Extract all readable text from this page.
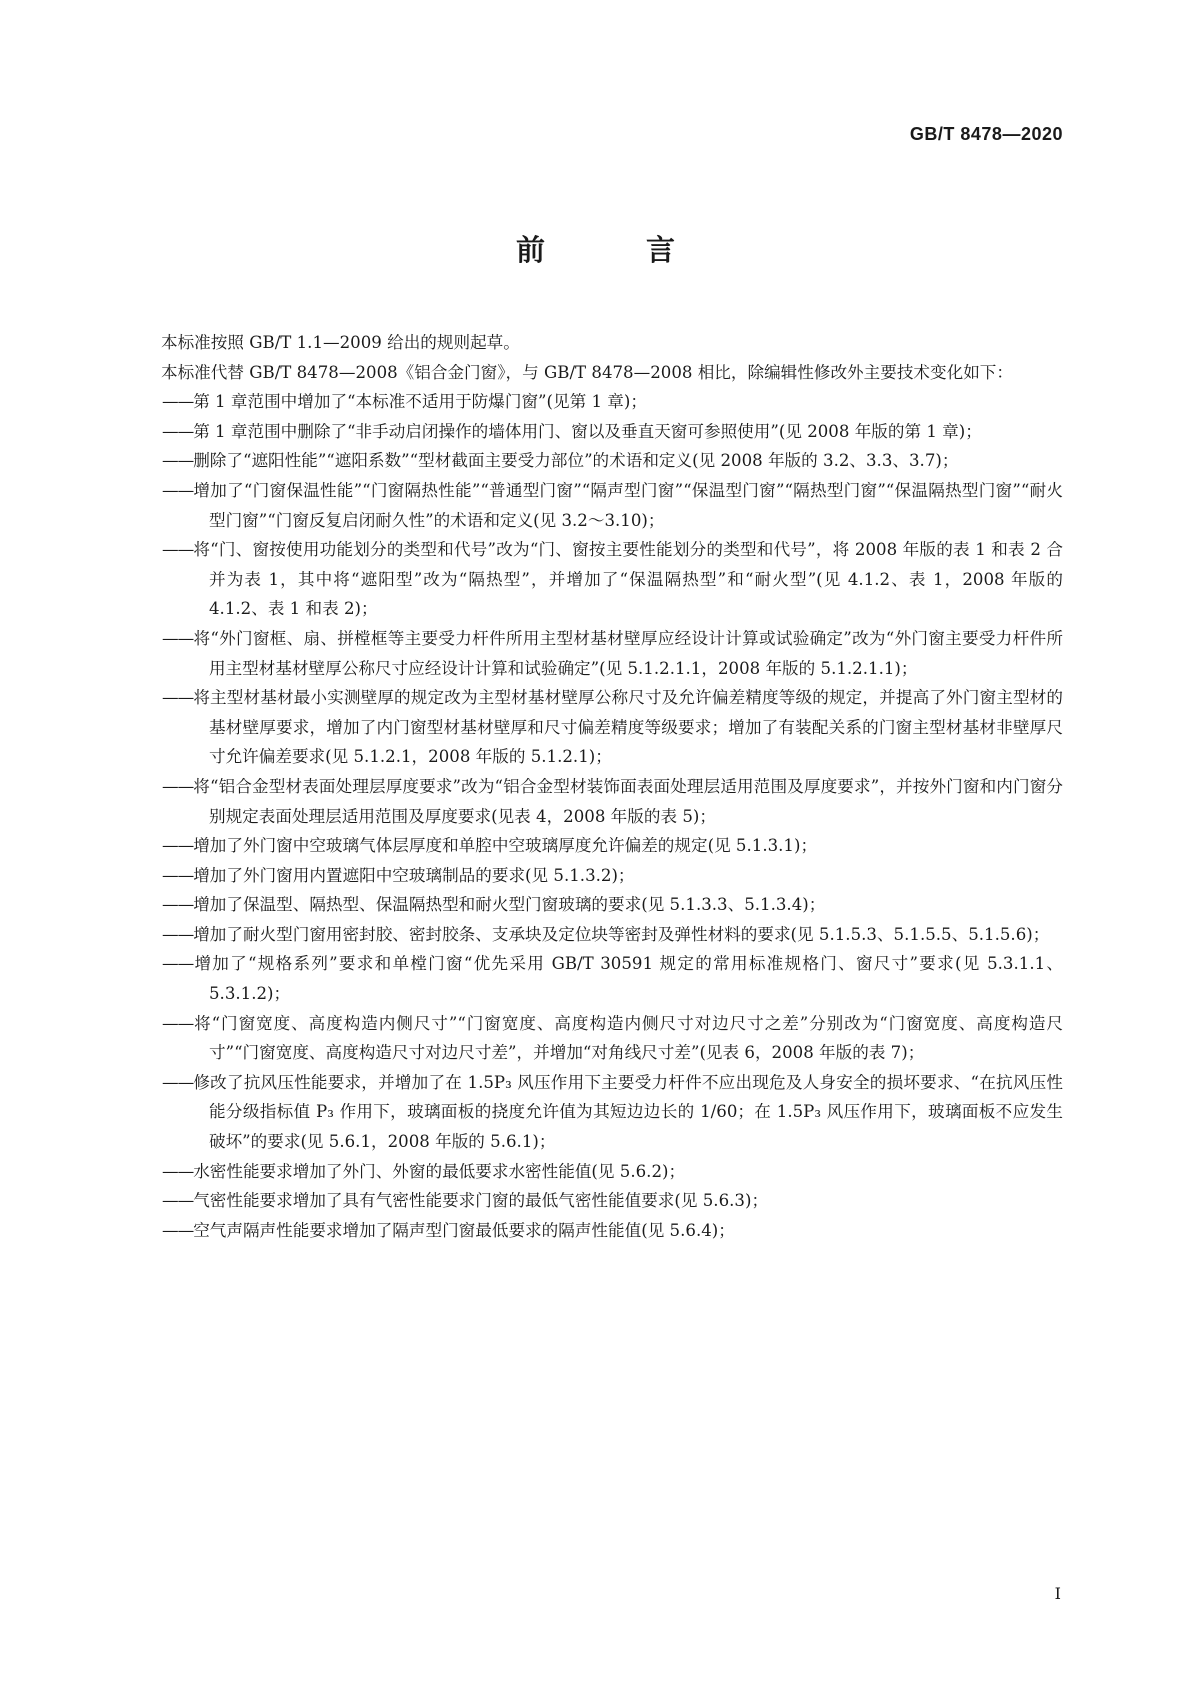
GB/T 8478—2020
前　言

本标准按照 GB/T 1.1—2009 给出的规则起草。

本标准代替 GB/T 8478—2008《铝合金门窗》，与 GB/T 8478—2008 相比，除编辑性修改外主要技术变化如下：

——第 1 章范围中增加了“本标准不适用于防爆门窗”(见第 1 章)；

——第 1 章范围中删除了“非手动启闭操作的墙体用门、窗以及垂直天窗可参照使用”(见 2008 年版的第 1 章)；

——删除了“遮阳性能”“遮阳系数”“型材截面主要受力部位”的术语和定义(见 2008 年版的 3.2、3.3、3.7)；

——增加了“门窗保温性能”“门窗隔热性能”“普通型门窗”“隔声型门窗”“保温型门窗”“隔热型门窗”“保温隔热型门窗”“耐火型门窗”“门窗反复启闭耐久性”的术语和定义(见 3.2～3.10)；

——将“门、窗按使用功能划分的类型和代号”改为“门、窗按主要性能划分的类型和代号”，将 2008 年版的表 1 和表 2 合并为表 1，其中将“遮阳型”改为“隔热型”，并增加了“保温隔热型”和“耐火型”(见 4.1.2、表 1，2008 年版的 4.1.2、表 1 和表 2)；

——将“外门窗框、扇、拼樘框等主要受力杆件所用主型材基材壁厚应经设计计算或试验确定”改为“外门窗主要受力杆件所用主型材基材壁厚公称尺寸应经设计计算和试验确定”(见 5.1.2.1.1，2008 年版的 5.1.2.1.1)；

——将主型材基材最小实测壁厚的规定改为主型材基材壁厚公称尺寸及允许偏差精度等级的规定，并提高了外门窗主型材的基材壁厚要求，增加了内门窗型材基材壁厚和尺寸偏差精度等级要求；增加了有装配关系的门窗主型材基材非壁厚尺寸允许偏差要求(见 5.1.2.1，2008 年版的 5.1.2.1)；

——将“铝合金型材表面处理层厚度要求”改为“铝合金型材装饰面表面处理层适用范围及厚度要求”，并按外门窗和内门窗分别规定表面处理层适用范围及厚度要求(见表 4，2008 年版的表 5)；

——增加了外门窗中空玻璃气体层厚度和单腔中空玻璃厚度允许偏差的规定(见 5.1.3.1)；

——增加了外门窗用内置遮阳中空玻璃制品的要求(见 5.1.3.2)；

——增加了保温型、隔热型、保温隔热型和耐火型门窗玻璃的要求(见 5.1.3.3、5.1.3.4)；

——增加了耐火型门窗用密封胶、密封胶条、支承块及定位块等密封及弹性材料的要求(见 5.1.5.3、5.1.5.5、5.1.5.6)；

——增加了“规格系列”要求和单樘门窗“优先采用 GB/T 30591 规定的常用标准规格门、窗尺寸”要求(见 5.3.1.1、5.3.1.2)；

——将“门窗宽度、高度构造内侧尺寸”“门窗宽度、高度构造内侧尺寸对边尺寸之差”分别改为“门窗宽度、高度构造尺寸”“门窗宽度、高度构造尺寸对边尺寸差”，并增加“对角线尺寸差”(见表 6，2008 年版的表 7)；

——修改了抗风压性能要求，并增加了在 1.5P₃ 风压作用下主要受力杆件不应出现危及人身安全的损坏要求、“在抗风压性能分级指标值 P₃ 作用下，玻璃面板的挠度允许值为其短边边长的 1/60；在 1.5P₃ 风压作用下，玻璃面板不应发生破坏”的要求(见 5.6.1，2008 年版的 5.6.1)；

——水密性能要求增加了外门、外窗的最低要求水密性能值(见 5.6.2)；

——气密性能要求增加了具有气密性能要求门窗的最低气密性能值要求(见 5.6.3)；

——空气声隔声性能要求增加了隔声型门窗最低要求的隔声性能值(见 5.6.4)；

I
